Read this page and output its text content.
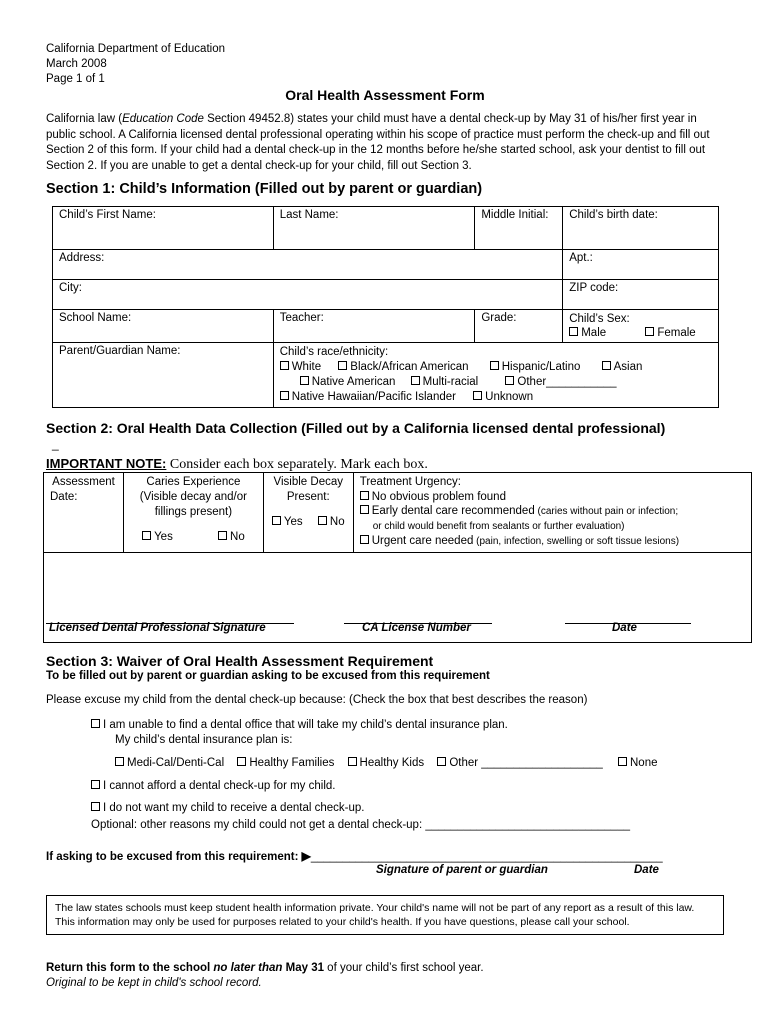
California Department of Education
March 2008
Page 1 of 1
Oral Health Assessment Form
California law (Education Code Section 49452.8) states your child must have a dental check-up by May 31 of his/her first year in public school. A California licensed dental professional operating within his scope of practice must perform the check-up and fill out Section 2 of this form. If your child had a dental check-up in the 12 months before he/she started school, ask your dentist to fill out Section 2. If you are unable to get a dental check-up for your child, fill out Section 3.
Section 1: Child’s Information (Filled out by parent or guardian)
Child’s First Name:	Last Name:	Middle Initial:	Child’s birth date:
Address:			Apt.:
City:			ZIP code:
School Name:	Teacher:	Grade:	Child’s Sex:
Male Female

Parent/Guardian Name:	Child’s race/ethnicity:
White Black/African American Hispanic/Latino Asian
Native American Multi-racial Other___________
Native Hawaiian/Pacific Islander Unknown		
Section 2: Oral Health Data Collection (Filled out by a California licensed dental professional)
_
IMPORTANT NOTE: Consider each box separately. Mark each box.
Assessment
Date:

Caries Experience
(Visible decay and/or
fillings present)
Yes	No

Visible Decay
Present:
Yes No

Treatment Urgency:
No obvious problem found
Early dental care recommended (caries without pain or infection;
or child would benefit from sealants or further evaluation)
Urgent care needed (pain, infection, swelling or soft tissue lesions)

Licensed Dental Professional Signature	CA License Number	Date
Section 3: Waiver of Oral Health Assessment Requirement
To be filled out by parent or guardian asking to be excused from this requirement
Please excuse my child from the dental check-up because: (Check the box that best describes the reason)
I am unable to find a dental office that will take my child’s dental insurance plan.
My child’s dental insurance plan is:
Medi-Cal/Denti-Cal Healthy Families Healthy Kids Other ___________________ None
I cannot afford a dental check-up for my child.
I do not want my child to receive a dental check-up.
Optional: other reasons my child could not get a dental check-up: ________________________________
If asking to be excused from this requirement: ▶_______________________________________________________
Signature of parent or guardian	Date
The law states schools must keep student health information private. Your child's name will not be part of any report as a result of this law. This information may only be used for purposes related to your child's health. If you have questions, please call your school.
Return this form to the school no later than May 31 of your child’s first school year.
Original to be kept in child's school record.
